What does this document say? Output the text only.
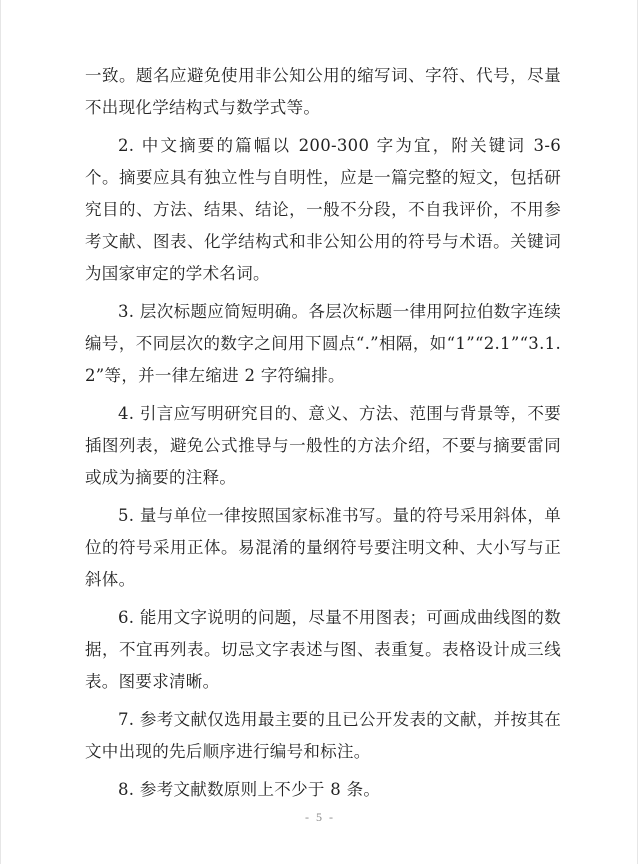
一致。题名应避免使用非公知公用的缩写词、字符、代号，尽量不出现化学结构式与数学式等。

2. 中文摘要的篇幅以 200-300 字为宜，附关键词 3-6 个。摘要应具有独立性与自明性，应是一篇完整的短文，包括研究目的、方法、结果、结论，一般不分段，不自我评价，不用参考文献、图表、化学结构式和非公知公用的符号与术语。关键词为国家审定的学术名词。

3. 层次标题应简短明确。各层次标题一律用阿拉伯数字连续编号，不同层次的数字之间用下圆点“.”相隔，如“1”“2.1”“3.1.2”等，并一律左缩进 2 字符编排。

4. 引言应写明研究目的、意义、方法、范围与背景等，不要插图列表，避免公式推导与一般性的方法介绍，不要与摘要雷同或成为摘要的注释。

5. 量与单位一律按照国家标准书写。量的符号采用斜体，单位的符号采用正体。易混淆的量纲符号要注明文种、大小写与正斜体。

6. 能用文字说明的问题，尽量不用图表；可画成曲线图的数据，不宜再列表。切忌文字表述与图、表重复。表格设计成三线表。图要求清晰。

7. 参考文献仅选用最主要的且已公开发表的文献，并按其在文中出现的先后顺序进行编号和标注。

8. 参考文献数原则上不少于 8 条。

- 5 -
